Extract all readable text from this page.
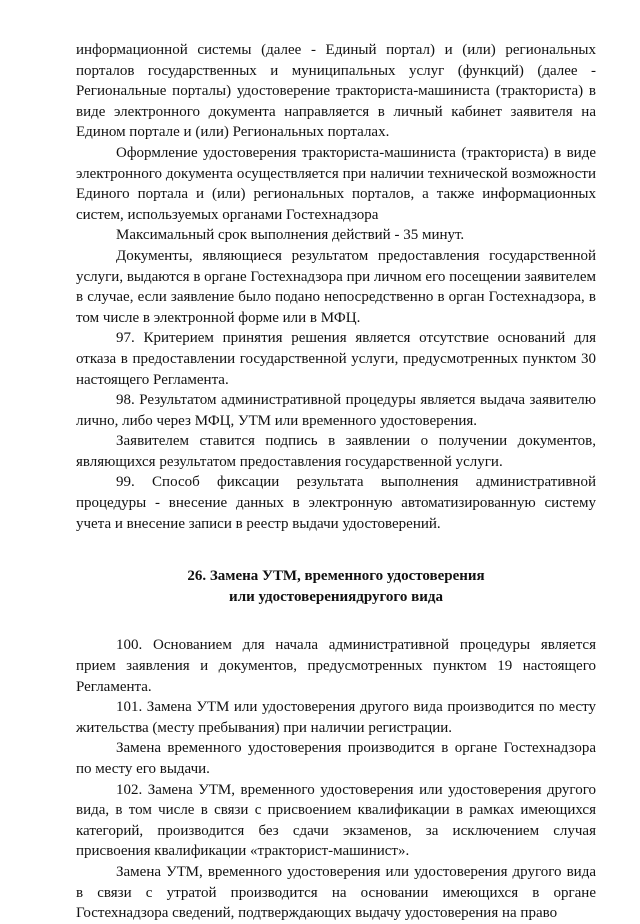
информационной системы (далее - Единый портал) и (или) региональных порталов государственных и муниципальных услуг (функций) (далее - Региональные порталы) удостоверение тракториста-машиниста (тракториста) в виде электронного документа направляется в личный кабинет заявителя на Едином портале и (или) Региональных порталах.

Оформление удостоверения тракториста-машиниста (тракториста) в виде электронного документа осуществляется при наличии технической возможности Единого портала и (или) региональных порталов, а также информационных систем, используемых органами Гостехнадзора

Максимальный срок выполнения действий - 35 минут.

Документы, являющиеся результатом предоставления государственной услуги, выдаются в органе Гостехнадзора при личном его посещении заявителем в случае, если заявление было подано непосредственно в орган Гостехнадзора, в том числе в электронной форме или в МФЦ.

97. Критерием принятия решения является отсутствие оснований для отказа в предоставлении государственной услуги, предусмотренных пунктом 30 настоящего Регламента.

98. Результатом административной процедуры является выдача заявителю лично, либо через МФЦ, УТМ или временного удостоверения.

Заявителем ставится подпись в заявлении о получении документов, являющихся результатом предоставления государственной услуги.

99. Способ фиксации результата выполнения административной процедуры - внесение данных в электронную автоматизированную систему учета и внесение записи в реестр выдачи удостоверений.

26. Замена УТМ, временного удостоверения
или удостоверениядругого вида

100. Основанием для начала административной процедуры является прием заявления и документов, предусмотренных пунктом 19 настоящего Регламента.

101. Замена УТМ или удостоверения другого вида производится по месту жительства (месту пребывания) при наличии регистрации.

Замена временного удостоверения производится в органе Гостехнадзора по месту его выдачи.

102. Замена УТМ, временного удостоверения или удостоверения другого вида, в том числе в связи с присвоением квалификации в рамках имеющихся категорий, производится без сдачи экзаменов, за исключением случая присвоения квалификации «тракторист-машинист».

Замена УТМ, временного удостоверения или удостоверения другого вида в связи с утратой производится на основании имеющихся в органе Гостехнадзора сведений, подтверждающих выдачу удостоверения на право
